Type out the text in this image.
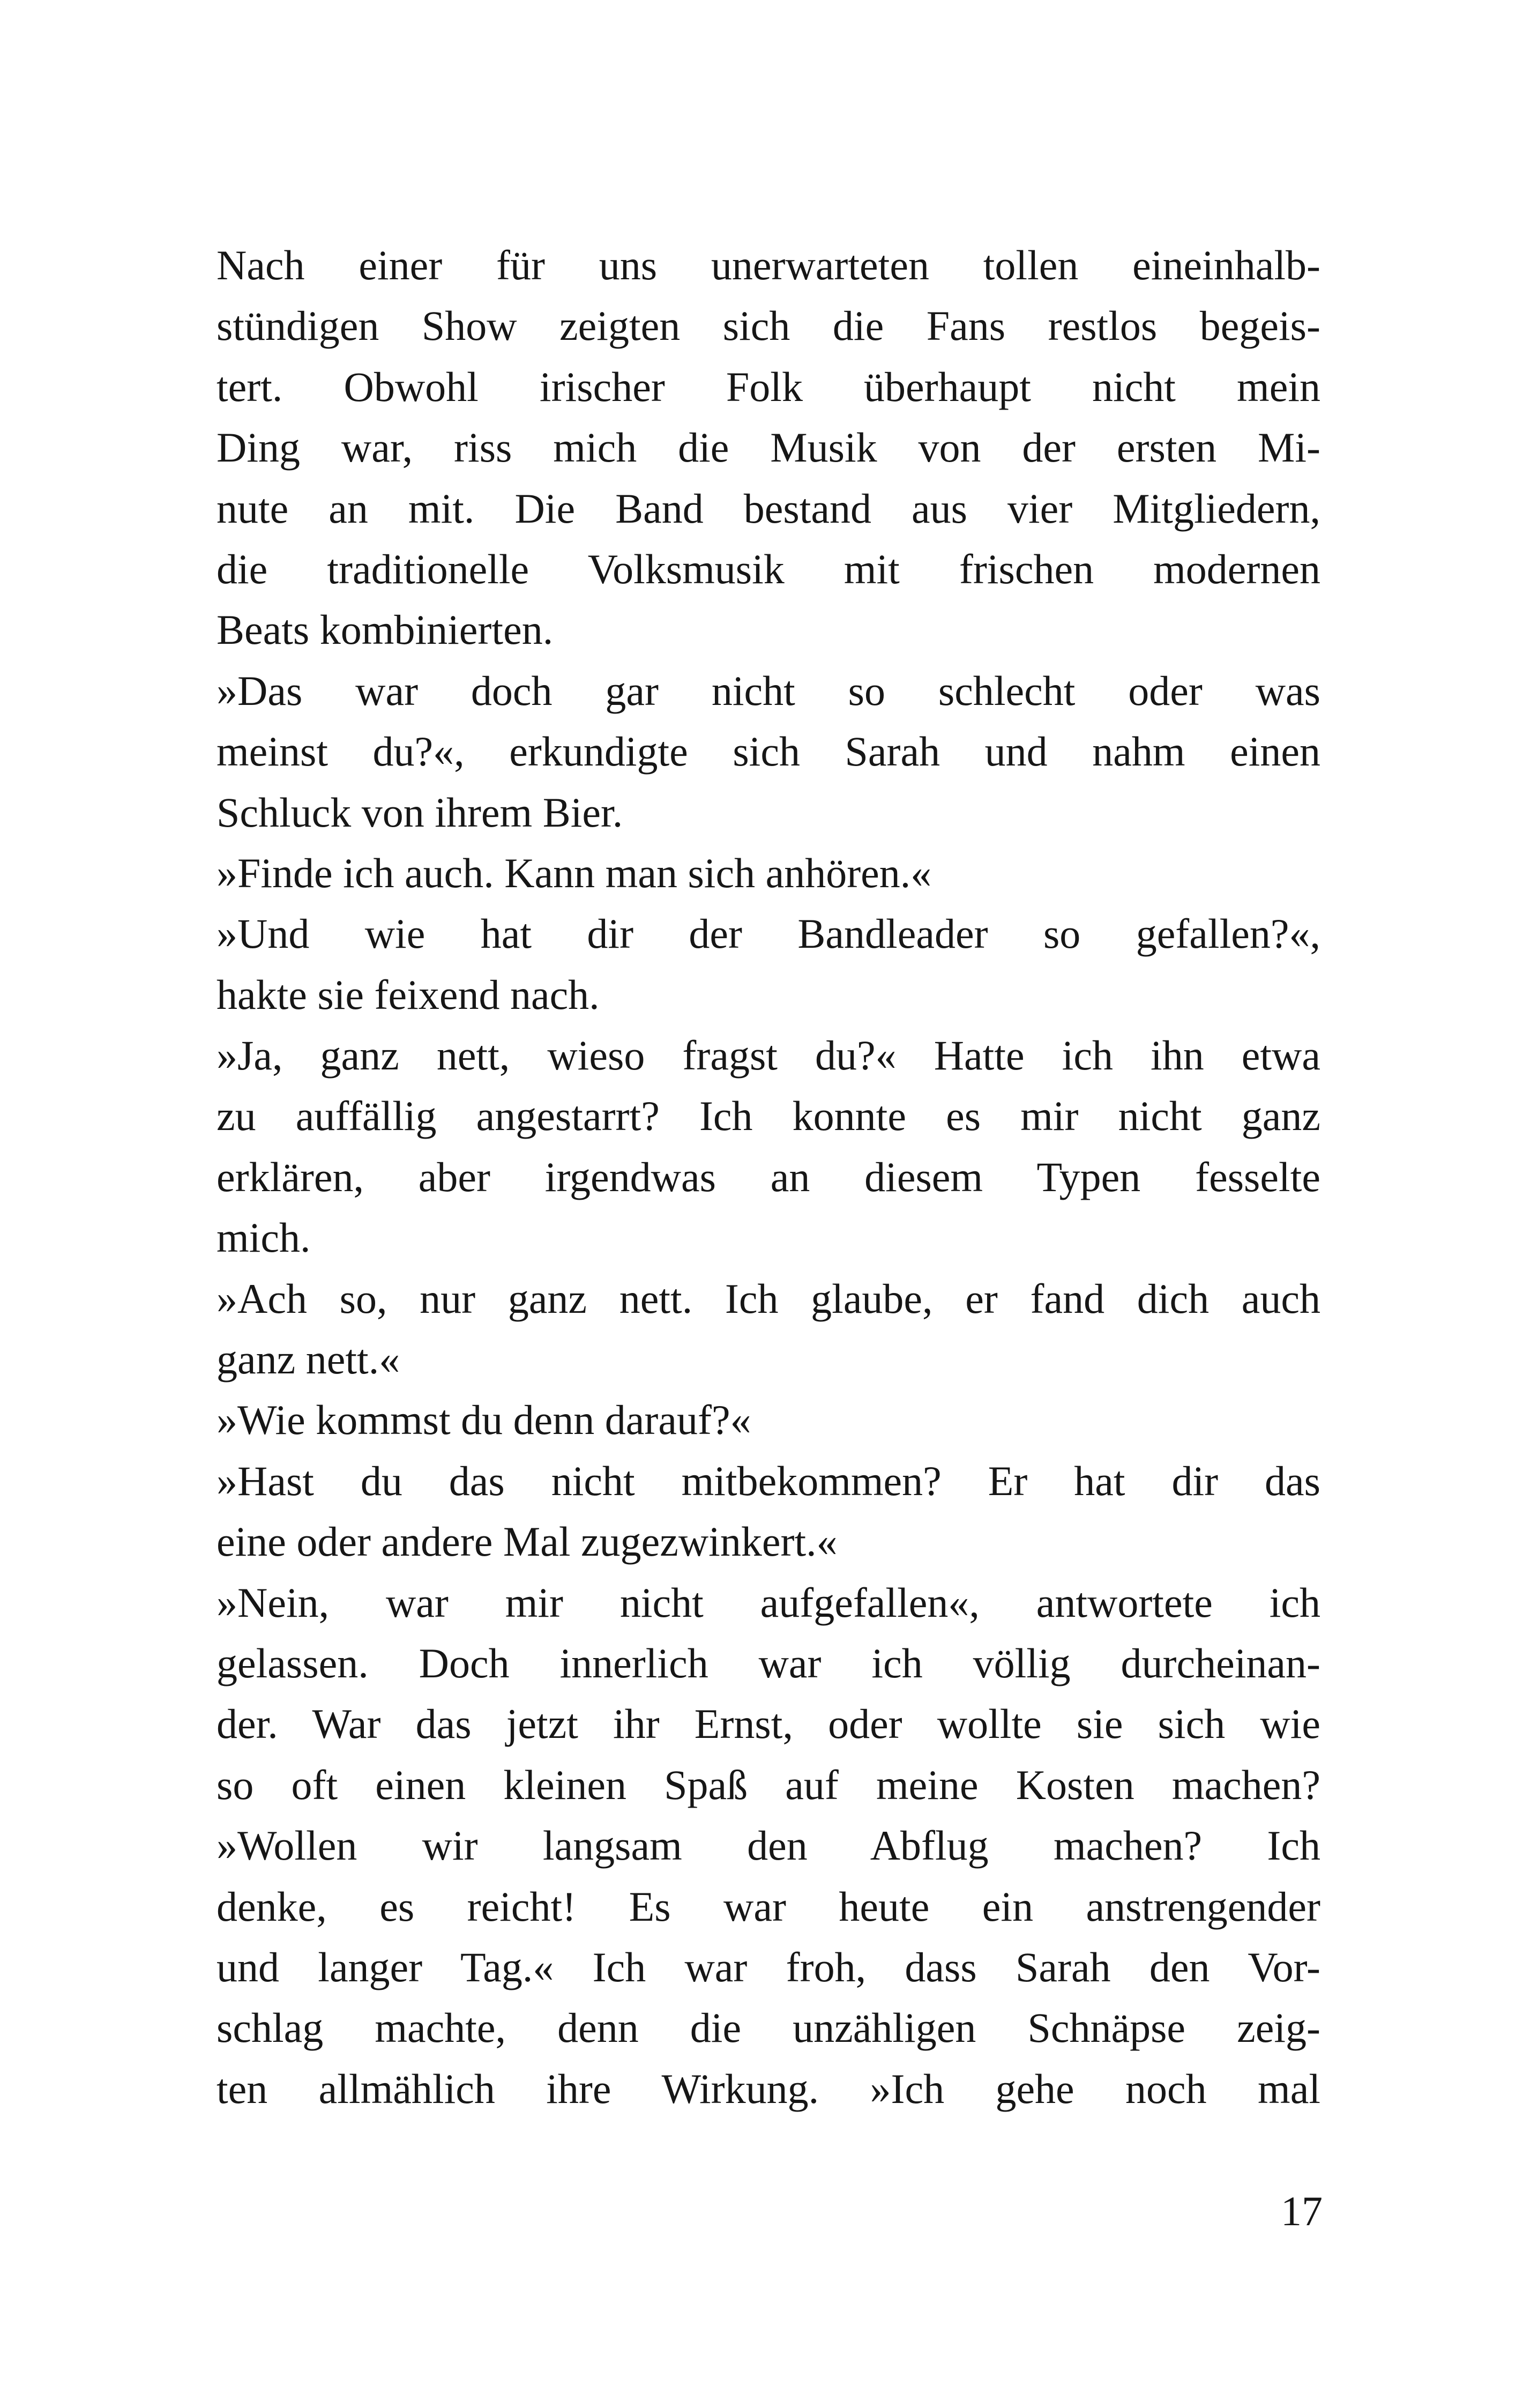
Nach einer für uns unerwarteten tollen eineinhalb-
stündigen Show zeigten sich die Fans restlos begeis-
tert. Obwohl irischer Folk überhaupt nicht mein
Ding war, riss mich die Musik von der ersten Mi-
nute an mit. Die Band bestand aus vier Mitgliedern,
die traditionelle Volksmusik mit frischen modernen
Beats kombinierten.
»Das war doch gar nicht so schlecht oder was
meinst du?«, erkundigte sich Sarah und nahm einen
Schluck von ihrem Bier.
»Finde ich auch. Kann man sich anhören.«
»Und wie hat dir der Bandleader so gefallen?«,
hakte sie feixend nach.
»Ja, ganz nett, wieso fragst du?« Hatte ich ihn etwa
zu auffällig angestarrt? Ich konnte es mir nicht ganz
erklären, aber irgendwas an diesem Typen fesselte
mich.
»Ach so, nur ganz nett. Ich glaube, er fand dich auch
ganz nett.«
»Wie kommst du denn darauf?«
»Hast du das nicht mitbekommen? Er hat dir das
eine oder andere Mal zugezwinkert.«
»Nein, war mir nicht aufgefallen«, antwortete ich
gelassen. Doch innerlich war ich völlig durcheinan-
der. War das jetzt ihr Ernst, oder wollte sie sich wie
so oft einen kleinen Spaß auf meine Kosten machen?
»Wollen wir langsam den Abflug machen? Ich
denke, es reicht! Es war heute ein anstrengender
und langer Tag.« Ich war froh, dass Sarah den Vor-
schlag machte, denn die unzähligen Schnäpse zeig-
ten allmählich ihre Wirkung. »Ich gehe noch mal
17
